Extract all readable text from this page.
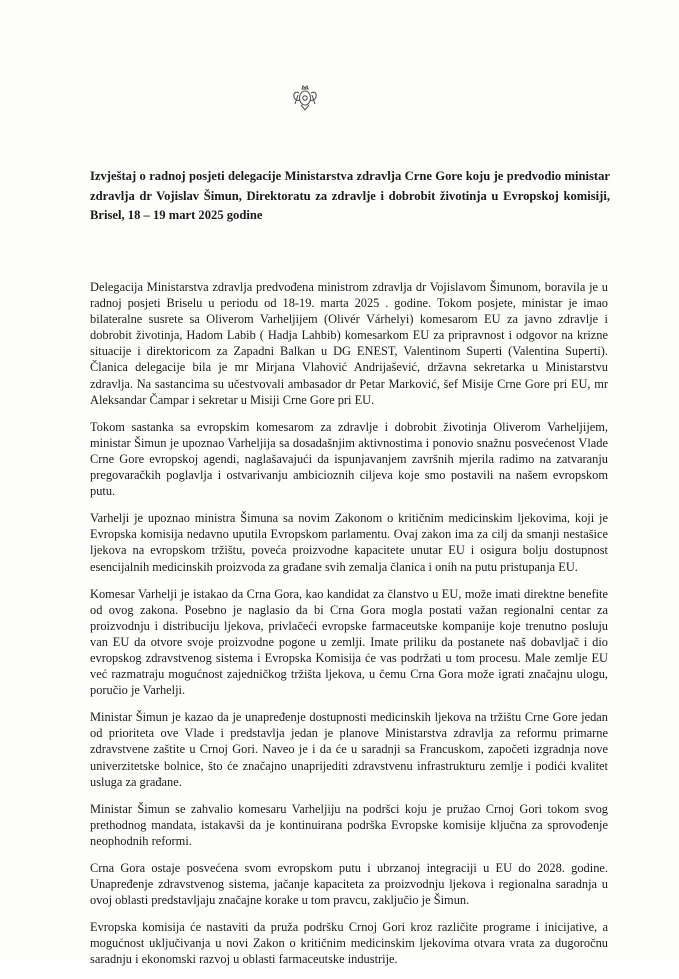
Izvještaj o radnoj posjeti delegacije Ministarstva zdravlja Crne Gore koju je predvodio ministar zdravlja dr Vojislav Šimun, Direktoratu za zdravlje i dobrobit životinja u Evropskoj komisiji, Brisel, 18 – 19 mart 2025 godine

Delegacija Ministarstva zdravlja predvođena ministrom zdravlja dr Vojislavom Šimunom, boravila je u radnoj posjeti Briselu u periodu od 18-19. marta 2025 . godine. Tokom posjete, ministar je imao bilateralne susrete sa Oliverom Varheljijem (Olivér Várhelyi) komesarom EU za javno zdravlje i dobrobit životinja, Hadom Labib ( Hadja Lahbib) komesarkom EU za pripravnost i odgovor na krizne situacije i direktoricom za Zapadni Balkan u DG ENEST, Valentinom Superti (Valentina Superti). Članica delegacije bila je mr Mirjana Vlahović Andrijašević, državna sekretarka u Ministarstvu zdravlja. Na sastancima su učestvovali ambasador dr Petar Marković, šef Misije Crne Gore pri EU, mr Aleksandar Čampar i sekretar u Misiji Crne Gore pri EU.

Tokom sastanka sa evropskim komesarom za zdravlje i dobrobit životinja Oliverom Varheljijem, ministar Šimun je upoznao Varheljija sa dosadašnjim aktivnostima i ponovio snažnu posvećenost Vlade Crne Gore evropskoj agendi, naglašavajući da ispunjavanjem završnih mjerila radimo na zatvaranju pregovaračkih poglavlja i ostvarivanju ambicioznih ciljeva koje smo postavili na našem evropskom putu.

Varhelji je upoznao ministra Šimuna sa novim Zakonom o kritičnim medicinskim ljekovima, koji je Evropska komisija nedavno uputila Evropskom parlamentu. Ovaj zakon ima za cilj da smanji nestašice ljekova na evropskom tržištu, poveća proizvodne kapacitete unutar EU i osigura bolju dostupnost esencijalnih medicinskih proizvoda za građane svih zemalja članica i onih na putu pristupanja EU.

Komesar Varhelji je istakao da Crna Gora, kao kandidat za članstvo u EU, može imati direktne benefite od ovog zakona. Posebno je naglasio da bi Crna Gora mogla postati važan regionalni centar za proizvodnju i distribuciju ljekova, privlačeći evropske farmaceutske kompanije koje trenutno posluju van EU da otvore svoje proizvodne pogone u zemlji. Imate priliku da postanete naš dobavljač i dio evropskog zdravstvenog sistema i Evropska Komisija će vas podržati u tom procesu. Male zemlje EU već razmatraju mogućnost zajedničkog tržišta ljekova, u čemu Crna Gora može igrati značajnu ulogu, poručio je Varhelji.

Ministar Šimun je kazao da je unapređenje dostupnosti medicinskih ljekova na tržištu Crne Gore jedan od prioriteta ove Vlade i predstavlja jedan je planove Ministarstva zdravlja za reformu primarne zdravstvene zaštite u Crnoj Gori. Naveo je i da će u saradnji sa Francuskom, započeti izgradnja nove univerzitetske bolnice, što će značajno unaprijediti zdravstvenu infrastrukturu zemlje i podići kvalitet usluga za građane.

Ministar Šimun se zahvalio komesaru Varheljiju na podršci koju je pružao Crnoj Gori tokom svog prethodnog mandata, istakavši da je kontinuirana podrška Evropske komisije ključna za sprovođenje neophodnih reformi.

Crna Gora ostaje posvećena svom evropskom putu i ubrzanoj integraciji u EU do 2028. godine. Unapređenje zdravstvenog sistema, jačanje kapaciteta za proizvodnju ljekova i regionalna saradnja u ovoj oblasti predstavljaju značajne korake u tom pravcu, zaključio je Šimun.

Evropska komisija će nastaviti da pruža podršku Crnoj Gori kroz različite programe i inicijative, a mogućnost uključivanja u novi Zakon o kritičnim medicinskim ljekovima otvara vrata za dugoročnu saradnju i ekonomski razvoj u oblasti farmaceutske industrije.
